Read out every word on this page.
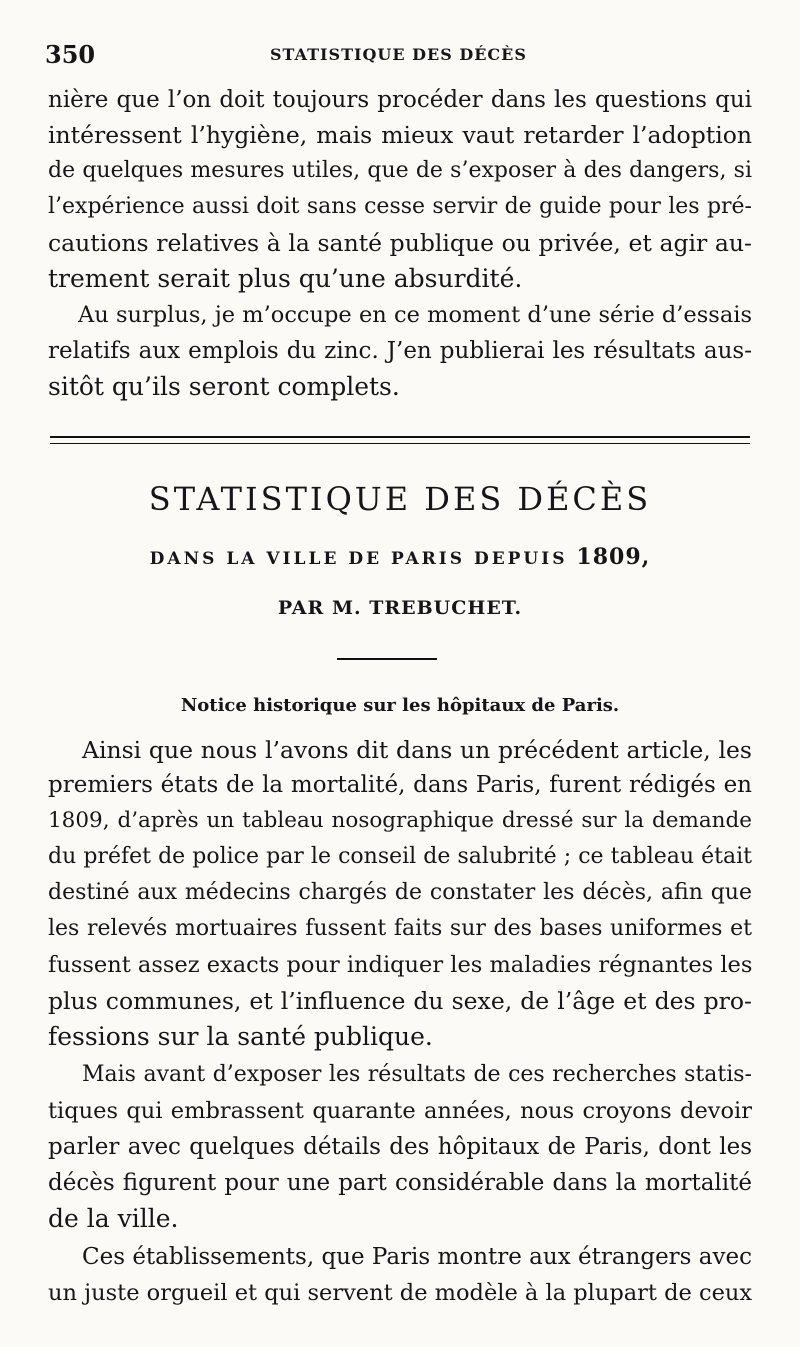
350	STATISTIQUE DES DÉCÈS
nière que l’on doit toujours procéder dans les questions qui
intéressent l’hygiène, mais mieux vaut retarder l’adoption
de quelques mesures utiles, que de s’exposer à des dangers, si
l’expérience aussi doit sans cesse servir de guide pour les pré-
cautions relatives à la santé publique ou privée, et agir au-
trement serait plus qu’une absurdité.
Au surplus, je m’occupe en ce moment d’une série d’essais
relatifs aux emplois du zinc. J’en publierai les résultats aus-
sitôt qu’ils seront complets.
STATISTIQUE DES DÉCÈS
DANS LA VILLE DE PARIS DEPUIS 1809,
PAR M. TREBUCHET.
Notice historique sur les hôpitaux de Paris.
Ainsi que nous l’avons dit dans un précédent article, les
premiers états de la mortalité, dans Paris, furent rédigés en
1809, d’après un tableau nosographique dressé sur la demande
du préfet de police par le conseil de salubrité ; ce tableau était
destiné aux médecins chargés de constater les décès, afin que
les relevés mortuaires fussent faits sur des bases uniformes et
fussent assez exacts pour indiquer les maladies régnantes les
plus communes, et l’influence du sexe, de l’âge et des pro-
fessions sur la santé publique.
Mais avant d’exposer les résultats de ces recherches statis-
tiques qui embrassent quarante années, nous croyons devoir
parler avec quelques détails des hôpitaux de Paris, dont les
décès figurent pour une part considérable dans la mortalité
de la ville.
Ces établissements, que Paris montre aux étrangers avec
un juste orgueil et qui servent de modèle à la plupart de ceux
